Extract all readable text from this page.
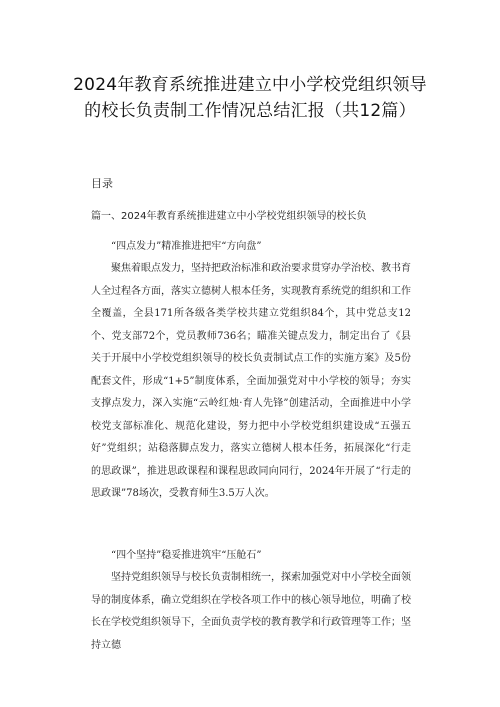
2024年教育系统推进建立中小学校党组织领导的校长负责制工作情况总结汇报（共12篇）
目录
篇一、2024年教育系统推进建立中小学校党组织领导的校长负
“四点发力”精准推进把牢“方向盘”
聚焦着眼点发力，坚持把政治标准和政治要求贯穿办学治校、教书育人全过程各方面，落实立德树人根本任务，实现教育系统党的组织和工作全覆盖，全县171所各级各类学校共建立党组织84个，其中党总支12个、党支部72个，党员教师736名；瞄准关键点发力，制定出台了《县关于开展中小学校党组织领导的校长负责制试点工作的实施方案》及5份配套文件，形成“1+5”制度体系，全面加强党对中小学校的领导；夯实支撑点发力，深入实施“云岭红烛·育人先锋”创建活动，全面推进中小学校党支部标准化、规范化建设，努力把中小学校党组织建设成“五强五好”党组织；站稳落脚点发力，落实立德树人根本任务，拓展深化“行走的思政课”，推进思政课程和课程思政同向同行，2024年开展了“行走的思政课”78场次，受教育师生3.5万人次。
“四个坚持”稳妥推进筑牢“压舱石”
坚持党组织领导与校长负责制相统一，探索加强党对中小学校全面领导的制度体系，确立党组织在学校各项工作中的核心领导地位，明确了校长在学校党组织领导下，全面负责学校的教育教学和行政管理等工作；坚持立德
